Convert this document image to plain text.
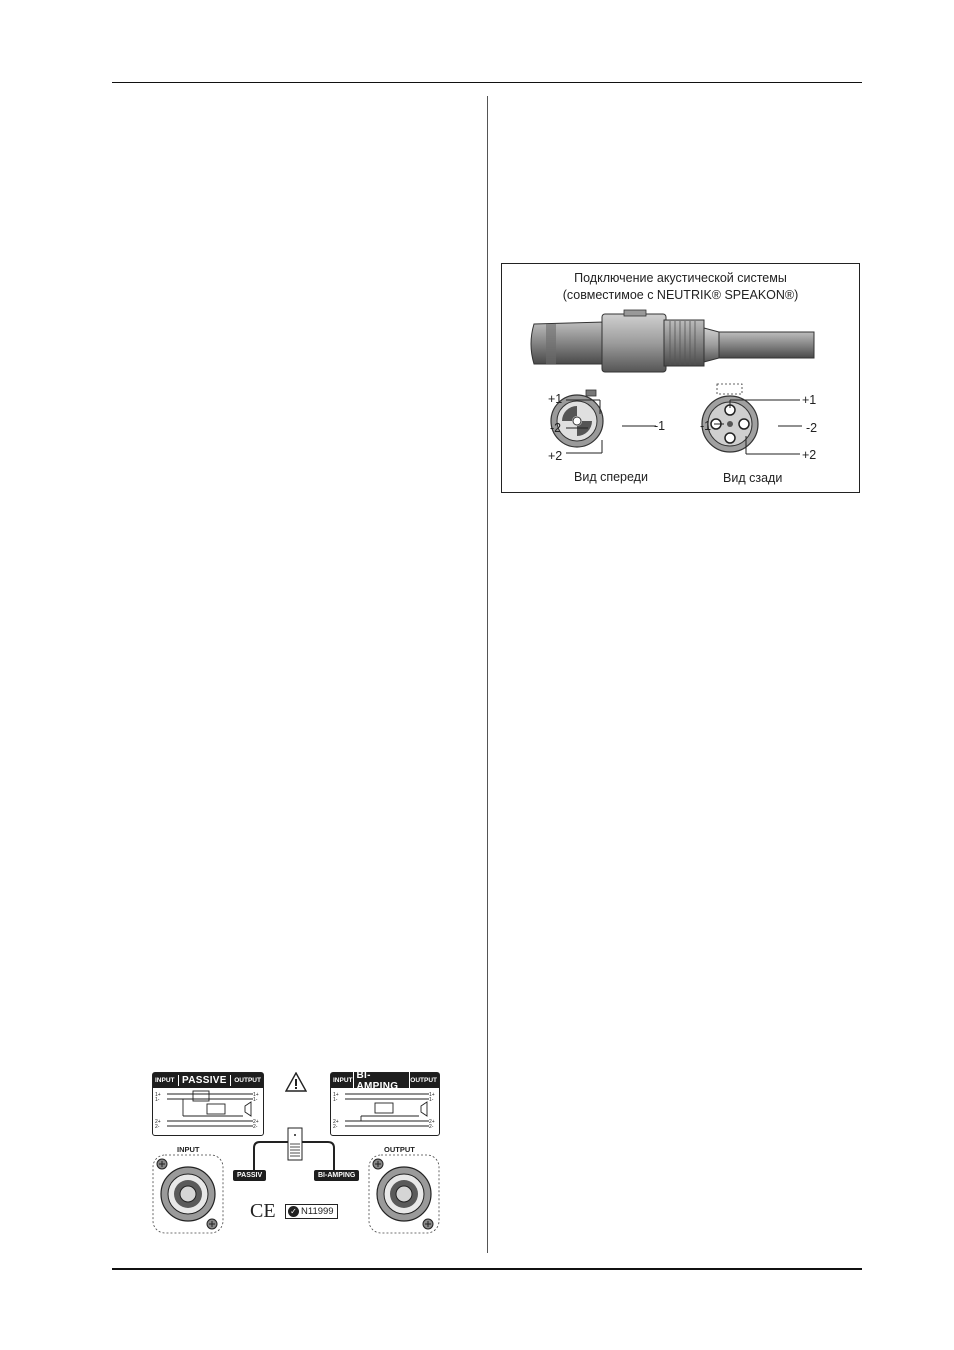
Подключение акустической системы
(совместимое с NEUTRIK® SPEAKON®)
+1
-2
+2
-1
Вид спереди
+1
-1	-2
+2
Вид сзади
INPUT PASSIVE	OUTPUT
1+
1-
2+
2-
1+
1-
2+
2-
INPUT BI-AMPING	OUTPUT
1+
1-
2+
2-
1+
1-
2+
2-
PASSIV	BI-AMPING
INPUT	OUTPUT
CE ✓ N11999
